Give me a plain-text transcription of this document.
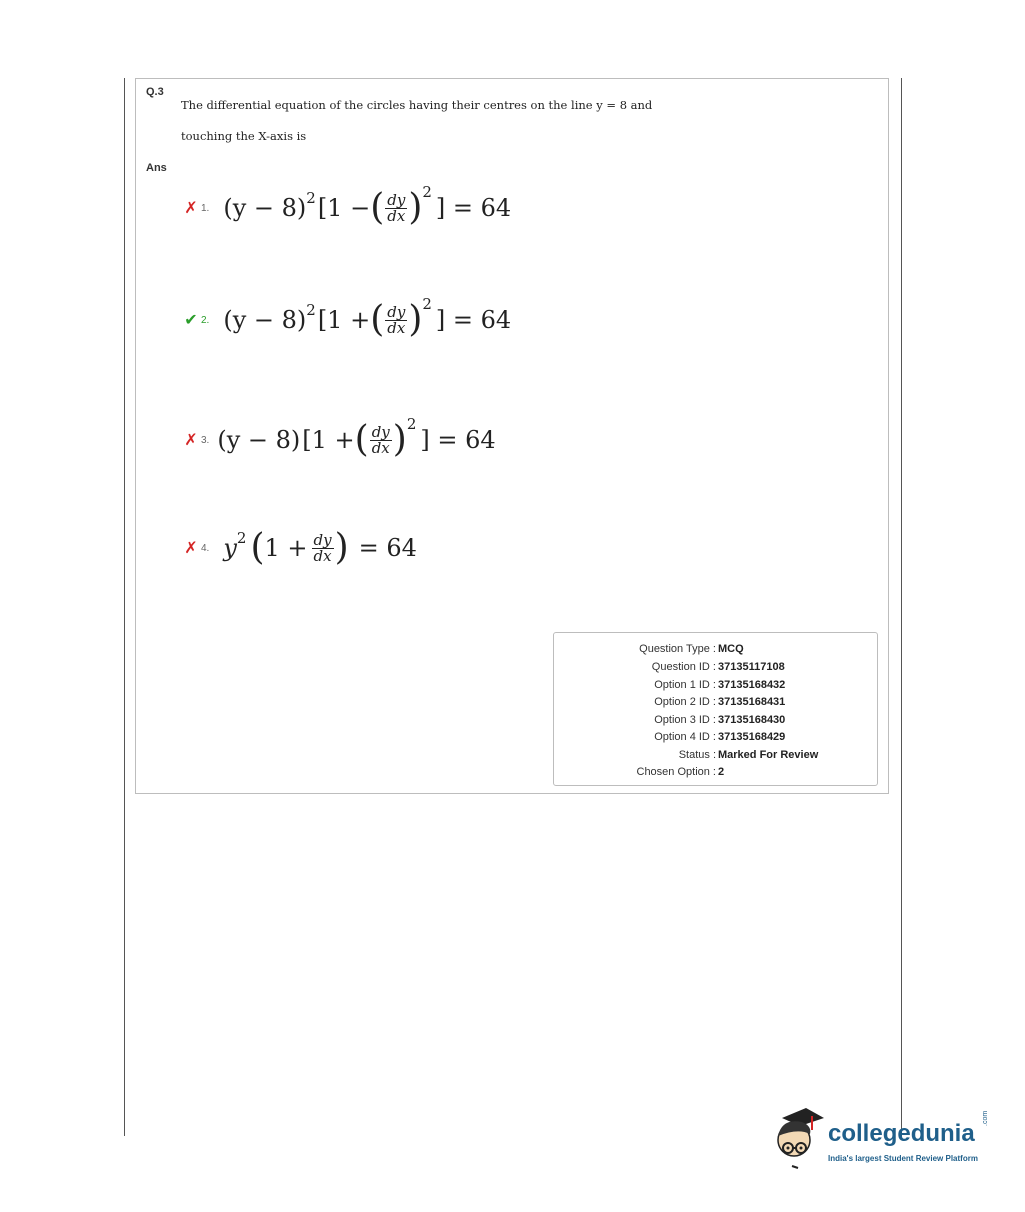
Q.3
The differential equation of the circles having their centres on the line y = 8 and
touching the X-axis is
Ans
✗ 1. (y − 8) 2 [1 − ( $\frac{dy}{dx}$ ) 2
] = 64
✔ 2. (y − 8) 2 [1 + ( $\frac{dy}{dx}$ ) 2
] = 64
✗ 3. (y − 8) [1 + ( $\frac{dy}{dx}$ ) 2
] = 64
✗ 4. y 2 ( $1 + \frac{dy}{dx}$ ) = 64
Question Type : MCQ
Question ID : 37135117108
Option 1 ID : 37135168432
Option 2 ID : 37135168431
Option 3 ID : 37135168430
Option 4 ID : 37135168429
Status : Marked For Review
Chosen Option : 2
collegedunia
.com
India's largest Student Review Platform
